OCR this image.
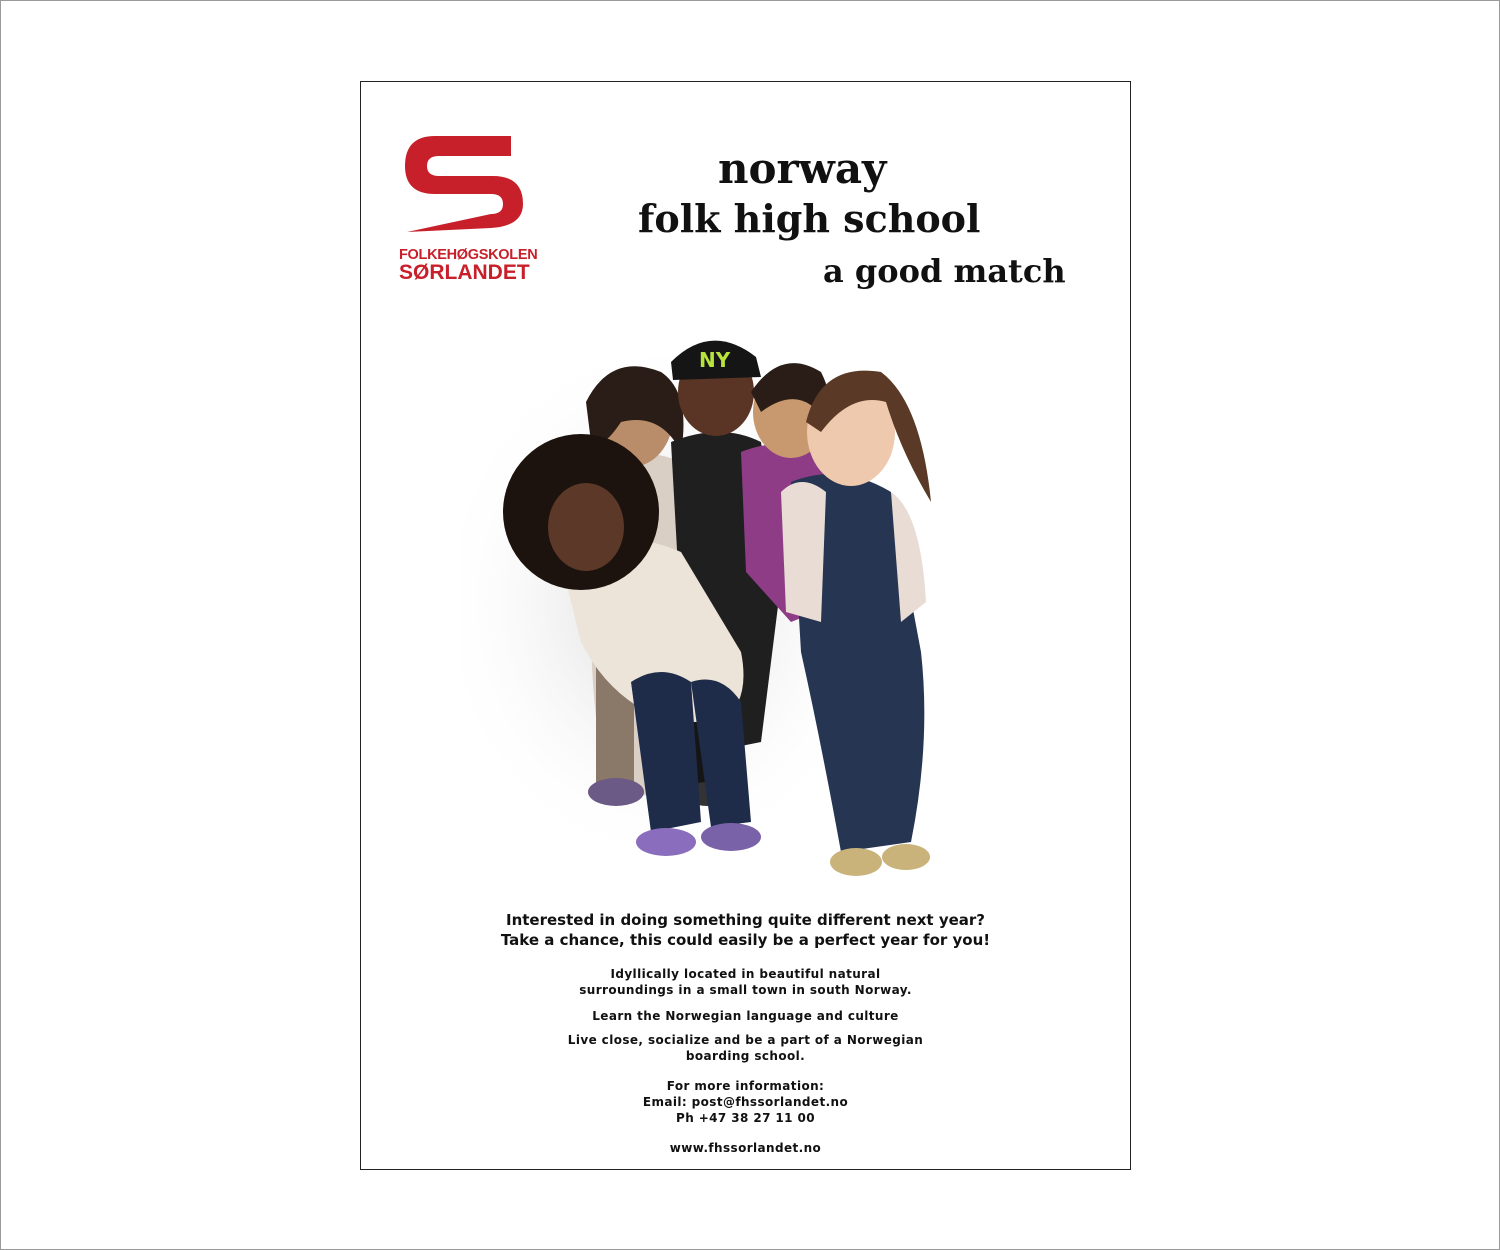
FOLKEHØGSKOLEN
SØRLANDET
norway
folk high school
a good match
NY
Interested in doing something quite different next year?
Take a chance, this could easily be a perfect year for you!
Idyllically located in beautiful natural
surroundings in a small town in south Norway.
Learn the Norwegian language and culture
Live close, socialize and be a part of a Norwegian
boarding school.
For more information:
Email: post@fhssorlandet.no
Ph +47 38 27 11 00
www.fhssorlandet.no
